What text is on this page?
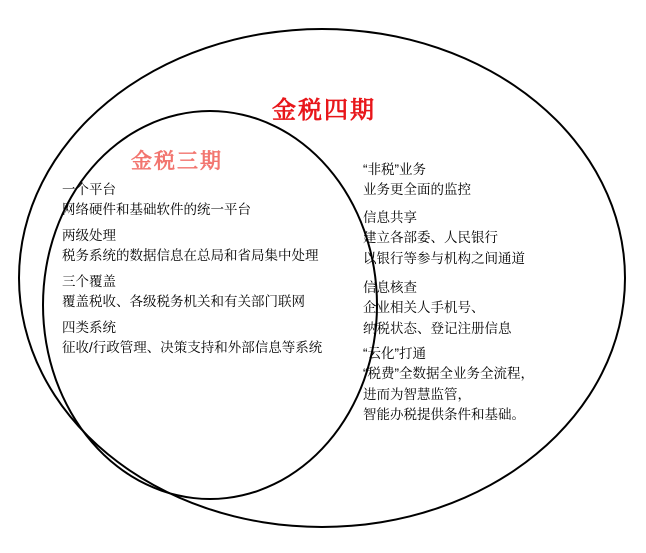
金税四期
金税三期
一个平台
网络硬件和基础软件的统一平台
两级处理
税务系统的数据信息在总局和省局集中处理
三个覆盖
覆盖税收、各级税务机关和有关部门联网
四类系统
征收/行政管理、决策支持和外部信息等系统
“非税”业务
业务更全面的监控
信息共享
建立各部委、人民银行
以银行等参与机构之间通道
信息核查
企业相关人手机号、
纳税状态、登记注册信息
“云化”打通
“税费”全数据全业务全流程，
进而为智慧监管，
智能办税提供条件和基础。
